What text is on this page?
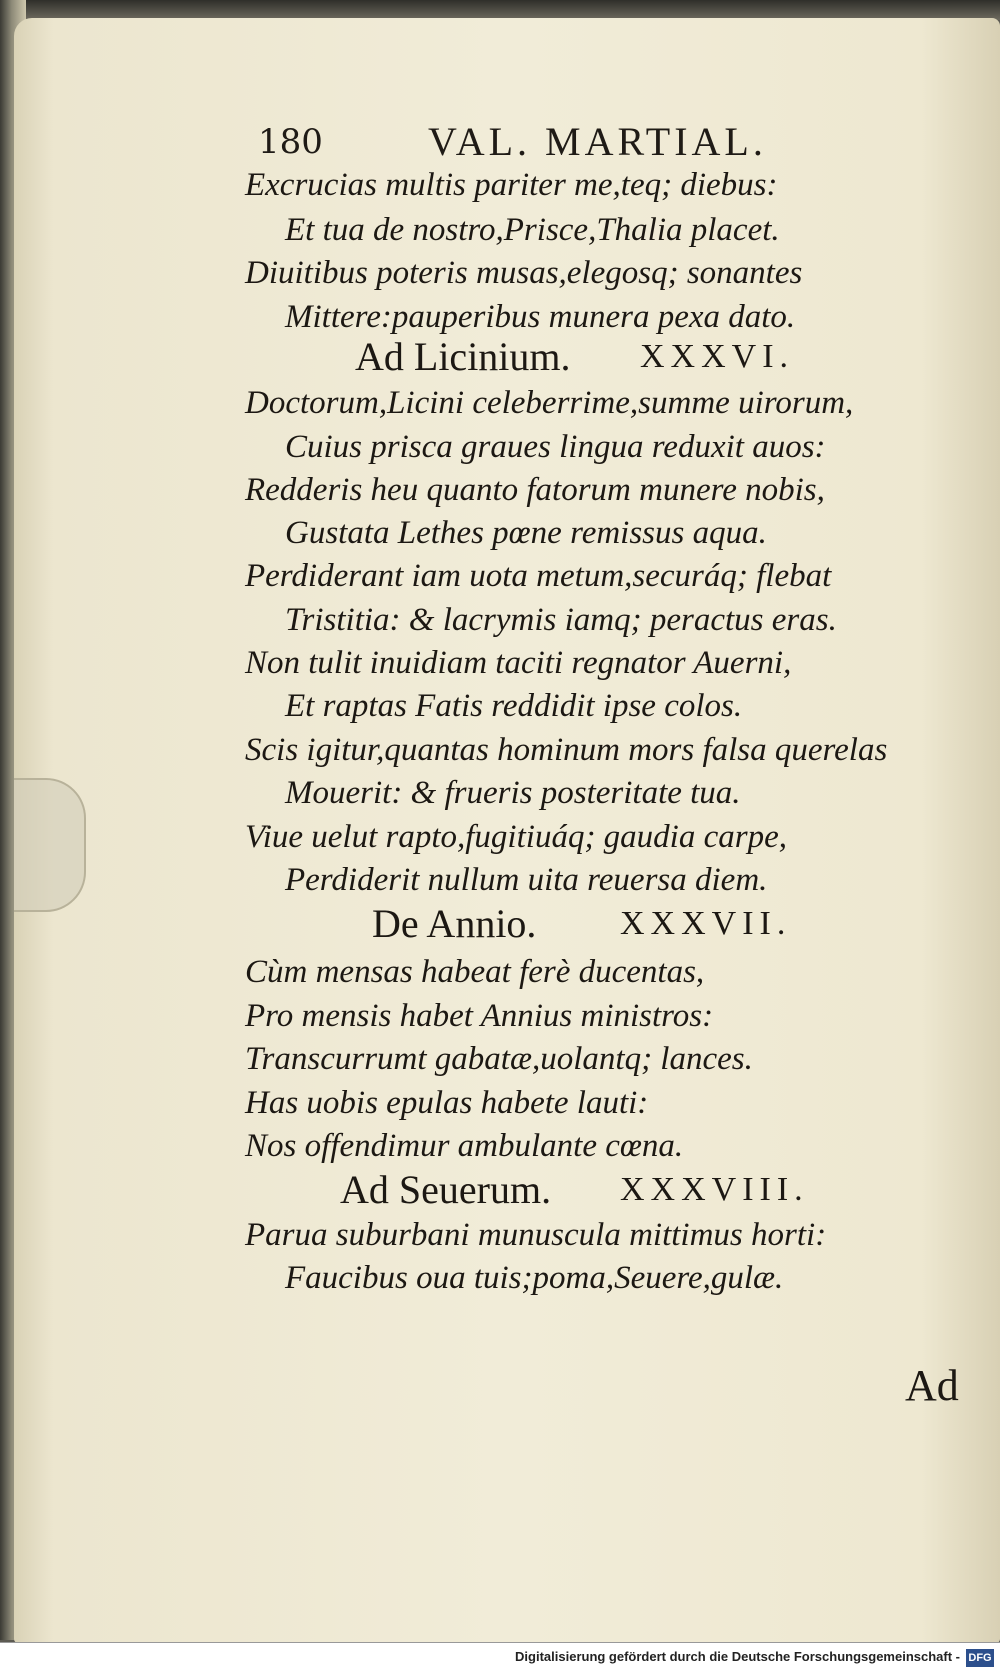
180	VAL. MARTIAL.
Excrucias multis pariter me,teq; diebus:
Et tua de nostro,Prisce,Thalia placet.
Diuitibus poteris musas,elegosq; sonantes
Mittere:pauperibus munera pexa dato.
Ad Licinium. XXXVI.
Doctorum,Licini celeberrime,summe uirorum,
Cuius prisca graues lingua reduxit auos:
Redderis heu quanto fatorum munere nobis,
Gustata Lethes pœne remissus aqua.
Perdiderant iam uota metum,securáq; flebat
Tristitia: & lacrymis iamq; peractus eras.
Non tulit inuidiam taciti regnator Auerni,
Et raptas Fatis reddidit ipse colos.
Scis igitur,quantas hominum mors falsa querelas
Mouerit: & frueris posteritate tua.
Viue uelut rapto,fugitiuáq; gaudia carpe,
Perdiderit nullum uita reuersa diem.
De Annio. XXXVII.
Cùm mensas habeat ferè ducentas,
Pro mensis habet Annius ministros:
Transcurrumt gabatæ,uolantq; lances.
Has uobis epulas habete lauti:
Nos offendimur ambulante cœna.
Ad Seuerum. XXXVIII.
Parua suburbani munuscula mittimus horti:
Faucibus oua tuis;poma,Seuere,gulæ.
Ad
Digitalisierung gefördert durch die Deutsche Forschungsgemeinschaft - DFG
